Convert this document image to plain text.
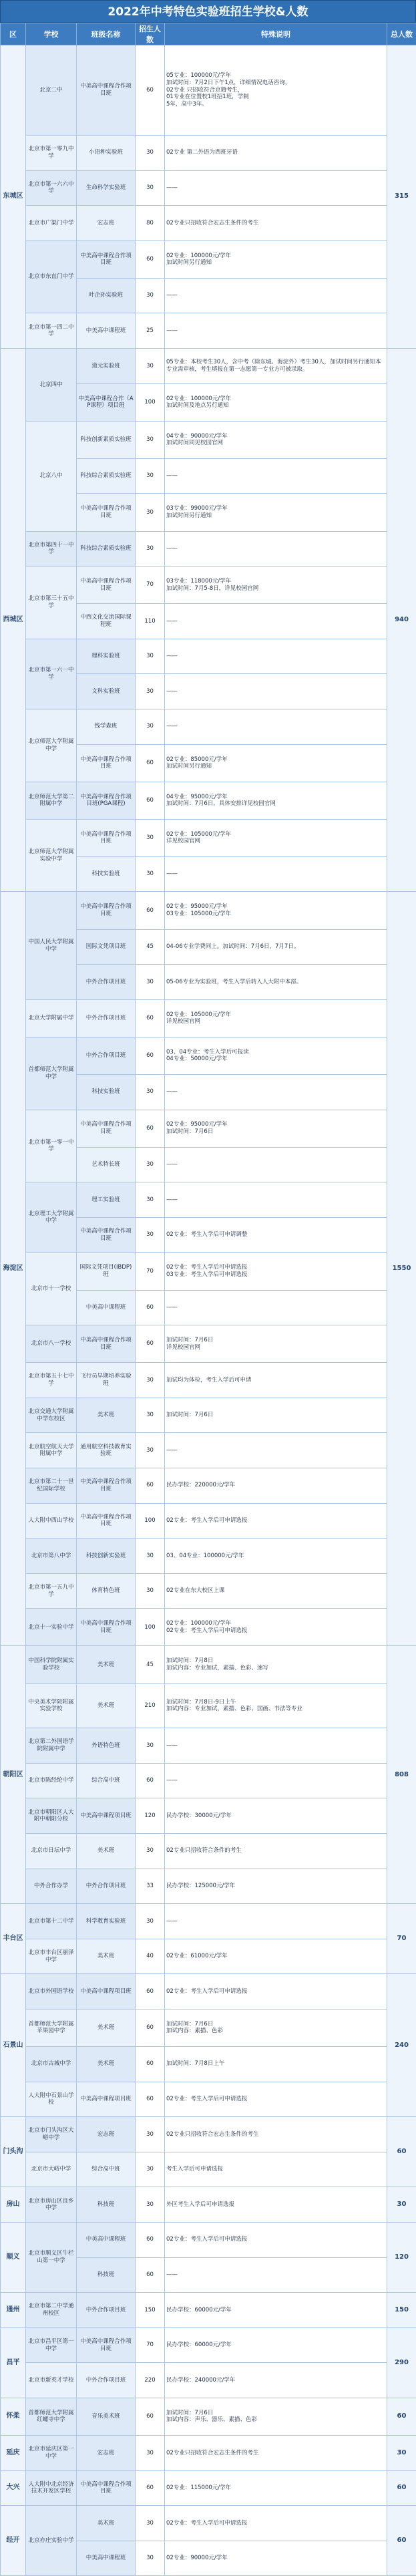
2022年中考特色实验班招生学校&人数
区	学校	班级名称	招生人数	特殊说明	总人数
东城区	北京二中	中美高中课程合作项目班	60	05专业：100000元/学年
加试时间：7月2日下午1点，详细情况电话咨询，
02专业 只招收符合京籍考生，
01专业在位置校1班招1班，学制
5年，高中3年。	315
	北京市第一零九中学	小语种实验班	30	02专业 第二外语为西班牙语	
	北京市第一六六中学	生命科学实验班	30	——	
	北京市广渠门中学	宏志班	80	02专业只招收符合宏志生条件的考生	
	北京市东直门中学	中美高中课程合作项目班	60	02专业：100000元/学年
加试时间另行通知	
		叶企孙实验班	30	——	
	北京市第一四二中学	中美高中课程班	25	——	
西城区	北京四中	道元实验班	30	05专业：本校考生30人，含中考（除东城、海淀外）考生30人，加试时间另行通知本专业需审核，考生填报在第一志愿第一专业方可被录取。	940
		中美高中课程合作（AP课程）项目班	100	02专业：100000元/学年
加试时间及地点另行通知	
	北京八中	科技创新素质实验班	30	04专业：90000元/学年
加试时间同见校园官网	
		科技综合素质实验班	30	——	
		中美高中课程合作项目班	30	03专业：99000元/学年
加试时间另行通知	
	北京市第四十一中学	科技综合素质实验班	30	——	
	北京市第三十五中学	中美高中课程合作项目班	70	03专业：118000元/学年
加试时间：7月5-8日，详见校园官网	
		中西文化交流国际课程班	110	——	
	北京市第一六一中学	理科实验班	30	——	
		文科实验班	30	——	
	北京师范大学附属中学	钱学森班	30	——	
		中美高中课程合作项目班	60	02专业：85000元/学年
加试时间另行通知	
	北京师范大学第二附属中学	中美高中课程合作项目班(PGA课程)	60	04专业：95000元/学年
加试时间：7月6日，具体安排详见校园官网	
	北京师范大学附属实验中学	中美高中课程合作项目班	30	02专业：105000元/学年
详见校园官网	
		科技实验班	30	——	
海淀区	中国人民大学附属中学	中美高中课程合作项目班	60	02专业：95000元/学年
03专业：105000元/学年	1550
		国际文凭项目班	45	04-06专业学费同上。加试时间：7月6日，7月7日。	
		中外合作项目班	30	05-06专业为实验班，考生入学后转入人大附中本部。	
	北京大学附属中学	中外合作项目班	60	02专业：105000元/学年
详见校园官网	
	首都师范大学附属中学	中外合作项目班	60	03、04专业：考生入学后可报读
04专业：50000元/学年	
		科技实验班	30	——	
	北京市第一零一中学	中美高中课程合作项目班	60	02专业：95000元/学年
加试时间：7月6日	
		艺术特长班	30	——	
	北京理工大学附属中学	理工实验班	30	——	
		中美高中课程合作项目班	30	02专业：考生入学后可申请调整	
	北京市十一学校	国际文凭项目(IBDP)班	70	02专业：考生入学后可申请选报
03专业：考生入学后可申请选报	
		中美高中课程班	60	——	
	北京市八一学校	中美高中课程合作项目班	60	加试时间：7月6日
详见校园官网	
	北京市第五十七中学	飞行员早期培养实验班	30	加试均为体检，考生入学后可申请	
	北京交通大学附属中学东校区	美术班	30	加试时间：7月6日	
	北京航空航天大学附属中学	通用航空科技教育实验班	30	——	
	北京市第二十一世纪国际学校	中美高中课程合作项目班	60	民办学校：220000元/学年	
	人大附中西山学校	中美高中课程合作项目班	100	02专业：考生入学后可申请选报	
	北京市第八中学	科技创新实验班	30	03、04专业：100000元/学年	
	北京市第一五九中学	体育特色班	30	02专业在东大校区上课	
	北京十一实验中学	中美高中课程合作项目班	100	02专业：100000元/学年
02专业：考生入学后可申请选报	
朝阳区	中国科学院附属实验学校	美术班	45	加试时间：7月8日
加试内容：专业加试，素描、色彩、速写	808
	中央美术学院附属实验学校	美术班	210	加试时间：7月8日-9日上午
加试内容：专业加试，素描、色彩、国画、书法等专业	
	北京第二外国语学院附属中学	外语特色班	30	——	
	北京市陈经纶中学	综合高中班	60	——	
	北京市朝阳区人大附中朝阳分校	中美高中课程项目班	120	民办学校：30000元/学年	
	北京市日坛中学	美术班	30	02专业只招收符合条件的考生	
	中外合作办学	中外合作项目班	33	民办学校：125000元/学年	
丰台区	北京市第十二中学	科学教育实验班	30	——	70
	北京市丰台区丽泽中学	美术班	40	02专业：61000元/学年	
石景山	北京市外国语学校	中美高中课程项目班	60	02专业：考生入学后可申请选报	240
	首都师范大学附属苹果园中学	美术班	60	加试时间：7月6日
加试内容：素描、色彩	
	北京市古城中学	美术班	60	加试时间：7月8日上午	
	人大附中石景山学校	中美高中课程项目班	60	02专业：考生入学后可申请选报	
门头沟	北京市门头沟区大峪中学	宏志班	30	02专业只招收符合宏志生条件的考生	60
	北京市大峪中学	综合高中班	30	考生入学后可申请选报	
房山	北京市房山区良乡中学	科技班	30	外区考生入学后可申请选报	30
顺义	北京市顺义区牛栏山第一中学	中美高中课程班	60	02专业：考生入学后可申请选报	120
		科技班	60	——	
通州	北京市第二中学通州校区	中外合作项目班	150	民办学校：60000元/学年	150
昌平	北京市昌平区第一中学	中美高中课程合作项目班	70	民办学校：60000元/学年	290
	北京市新英才学校	中外合作项目班	220	民办学校：240000元/学年	
怀柔	首都师范大学附属红螺寺中学	音乐美术班	60	加试时间：7月6日
加试内容：声乐、器乐、素描、色彩	60
延庆	北京市延庆区第一中学	宏志班	30	02专业只招收符合宏志生条件的考生	30
大兴	人大附中北京经济技术开发区学校	中美高中课程合作项目班	60	02专业：115000元/学年	60
经开	北京亦庄实验中学	美术班	30	02专业：考生入学后可申请选报	60
		中美高中课程班	30	02专业：90000元/学年	
